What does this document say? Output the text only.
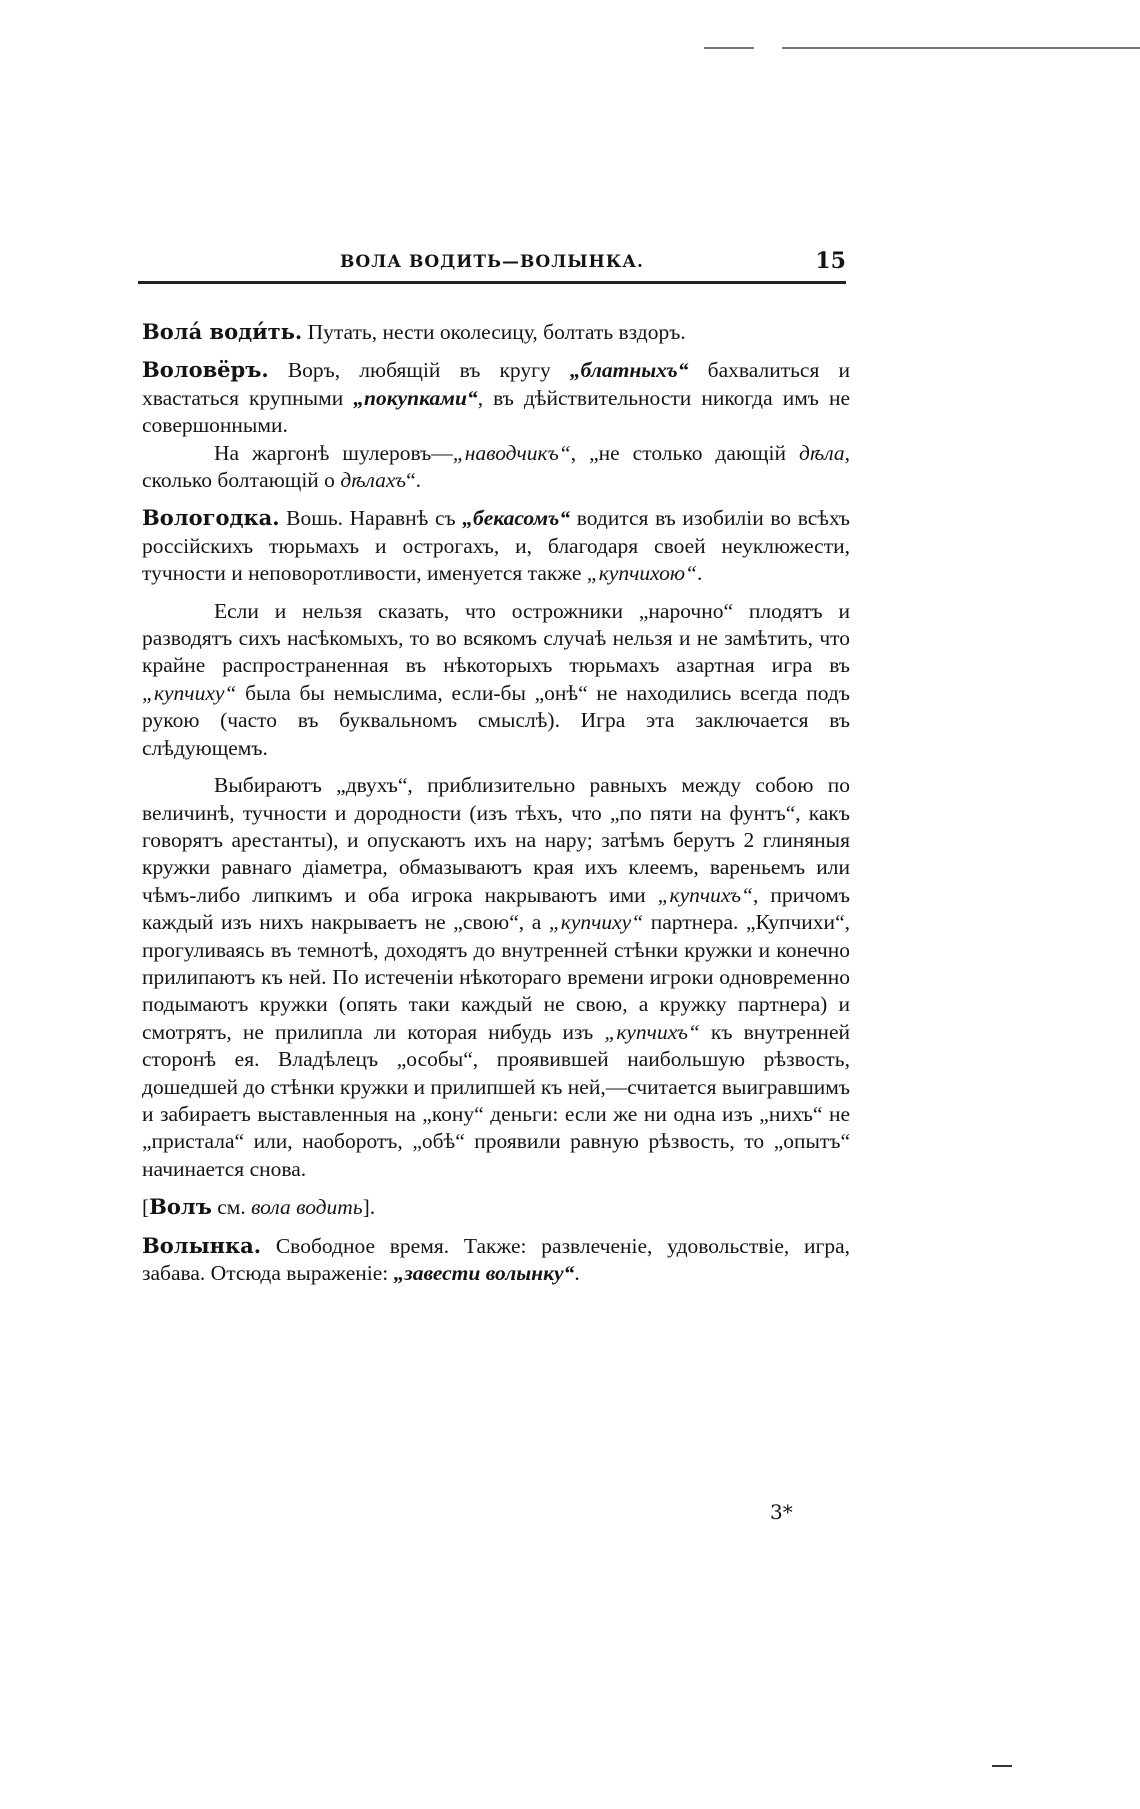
ВОЛА ВОДИТЬ—ВОЛЫНКА.	15

Вола́ води́ть. Путать, нести околесицу, болтать вздоръ.

Воловёръ. Воръ, любящій въ кругу „блатныхъ“ бахвалиться и хвастаться крупными „покупками“, въ дѣйствительности никогда имъ не совершонными.

На жаргонѣ шулеровъ—„наводчикъ“, „не столько дающій дѣла, сколько болтающій о дѣлахъ“.

Вологодка. Вошь. Наравнѣ съ „бекасомъ“ водится въ изобиліи во всѣхъ россійскихъ тюрьмахъ и острогахъ, и, благодаря своей неуклюжести, тучности и неповоротливости, именуется также „купчихою“.

Если и нельзя сказать, что острожники „нарочно“ плодятъ и разводятъ сихъ насѣкомыхъ, то во всякомъ случаѣ нельзя и не замѣтить, что крайне распространенная въ нѣкоторыхъ тюрьмахъ азартная игра въ „купчиху“ была бы немыслима, если-бы „онѣ“ не находились всегда подъ рукою (часто въ буквальномъ смыслѣ). Игра эта заключается въ слѣдующемъ.

Выбираютъ „двухъ“, приблизительно равныхъ между собою по величинѣ, тучности и дородности (изъ тѣхъ, что „по пяти на фунтъ“, какъ говорятъ арестанты), и опускаютъ ихъ на нару; затѣмъ берутъ 2 глиняныя кружки равнаго діаметра, обмазываютъ края ихъ клеемъ, вареньемъ или чѣмъ-либо липкимъ и оба игрока накрываютъ ими „купчихъ“, причомъ каждый изъ нихъ накрываетъ не „свою“, а „купчиху“ партнера. „Купчихи“, прогуливаясь въ темнотѣ, доходятъ до внутренней стѣнки кружки и конечно прилипаютъ къ ней. По истеченіи нѣкотораго времени игроки одновременно подымаютъ кружки (опять таки каждый не свою, а кружку партнера) и смотрятъ, не прилипла ли которая нибудь изъ „купчихъ“ къ внутренней сторонѣ ея. Владѣлецъ „особы“, проявившей наибольшую рѣзвость, дошедшей до стѣнки кружки и прилипшей къ ней,—считается выигравшимъ и забираетъ выставленныя на „кону“ деньги: если же ни одна изъ „нихъ“ не „пристала“ или, наоборотъ, „обѣ“ проявили равную рѣзвость, то „опытъ“ начинается снова.

[Волъ см. вола водить].

Волынка. Свободное время. Также: развлеченіе, удовольствіе, игра, забава. Отсюда выраженіе: „завести волынку“.

3*
